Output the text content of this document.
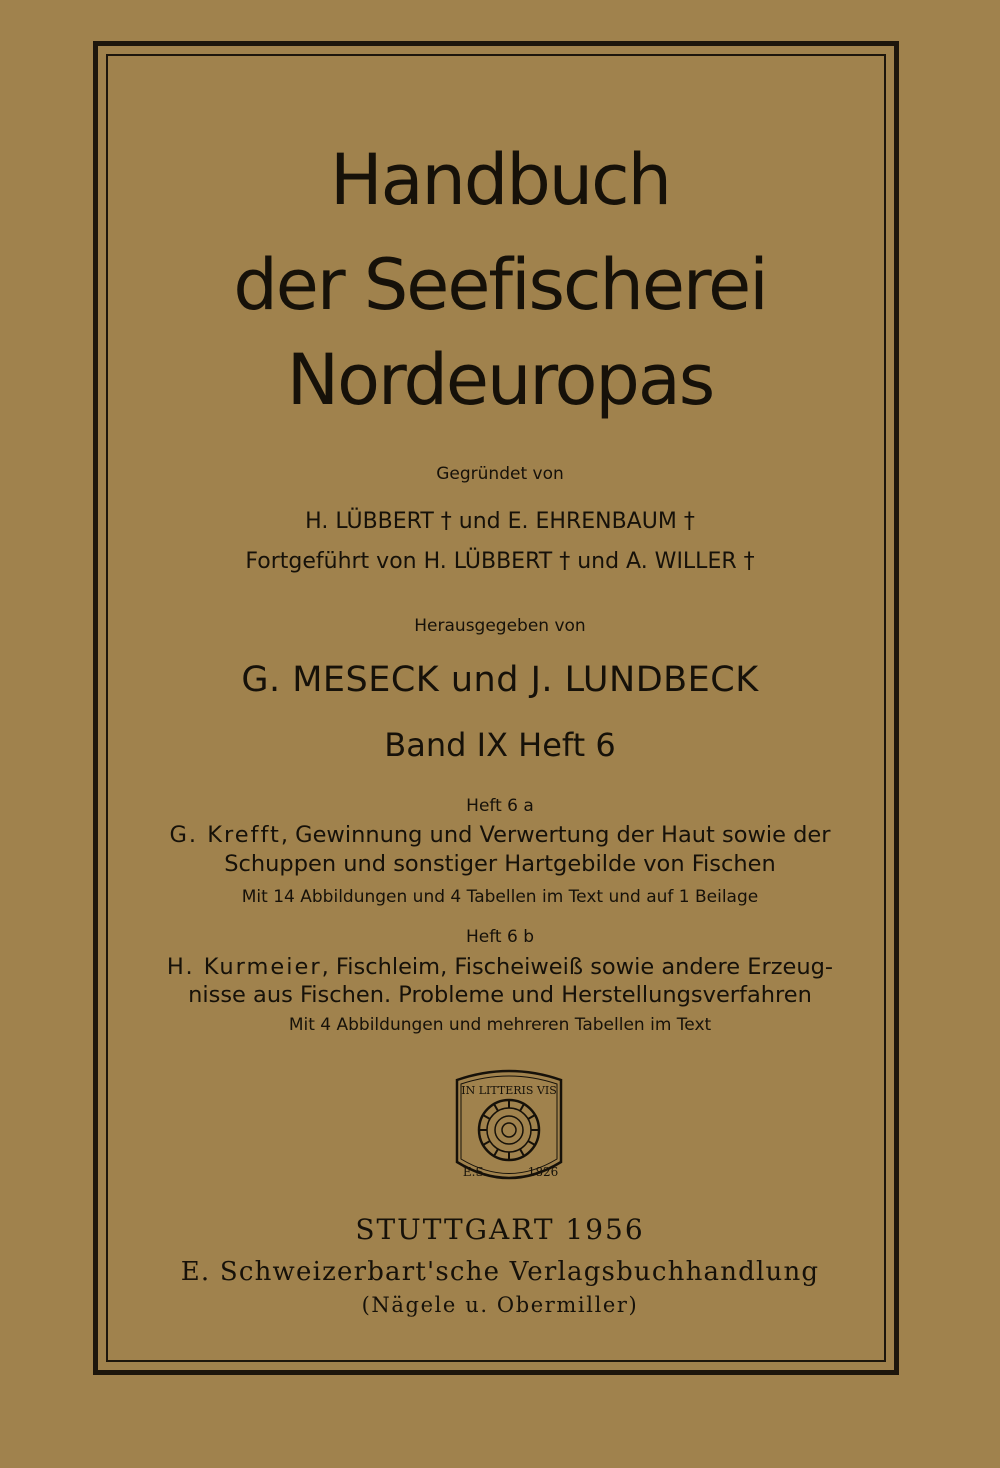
Handbuch
der Seefischerei
Nordeuropas

Gegründet von

H. LÜBBERT † und E. EHRENBAUM †

Fortgeführt von H. LÜBBERT † und A. WILLER †

Herausgegeben von

G. MESECK und J. LUNDBECK

Band IX Heft 6

Heft 6 a

G. Krefft, Gewinnung und Verwertung der Haut sowie der

Schuppen und sonstiger Hartgebilde von Fischen

Mit 14 Abbildungen und 4 Tabellen im Text und auf 1 Beilage

Heft 6 b

H. Kurmeier, Fischleim, Fischeiweiß sowie andere Erzeug-

nisse aus Fischen. Probleme und Herstellungsverfahren

Mit 4 Abbildungen und mehreren Tabellen im Text

IN LITTERIS VIS
E.S.	1826

STUTTGART 1956

E. Schweizerbart'sche Verlagsbuchhandlung

(Nägele u. Obermiller)
